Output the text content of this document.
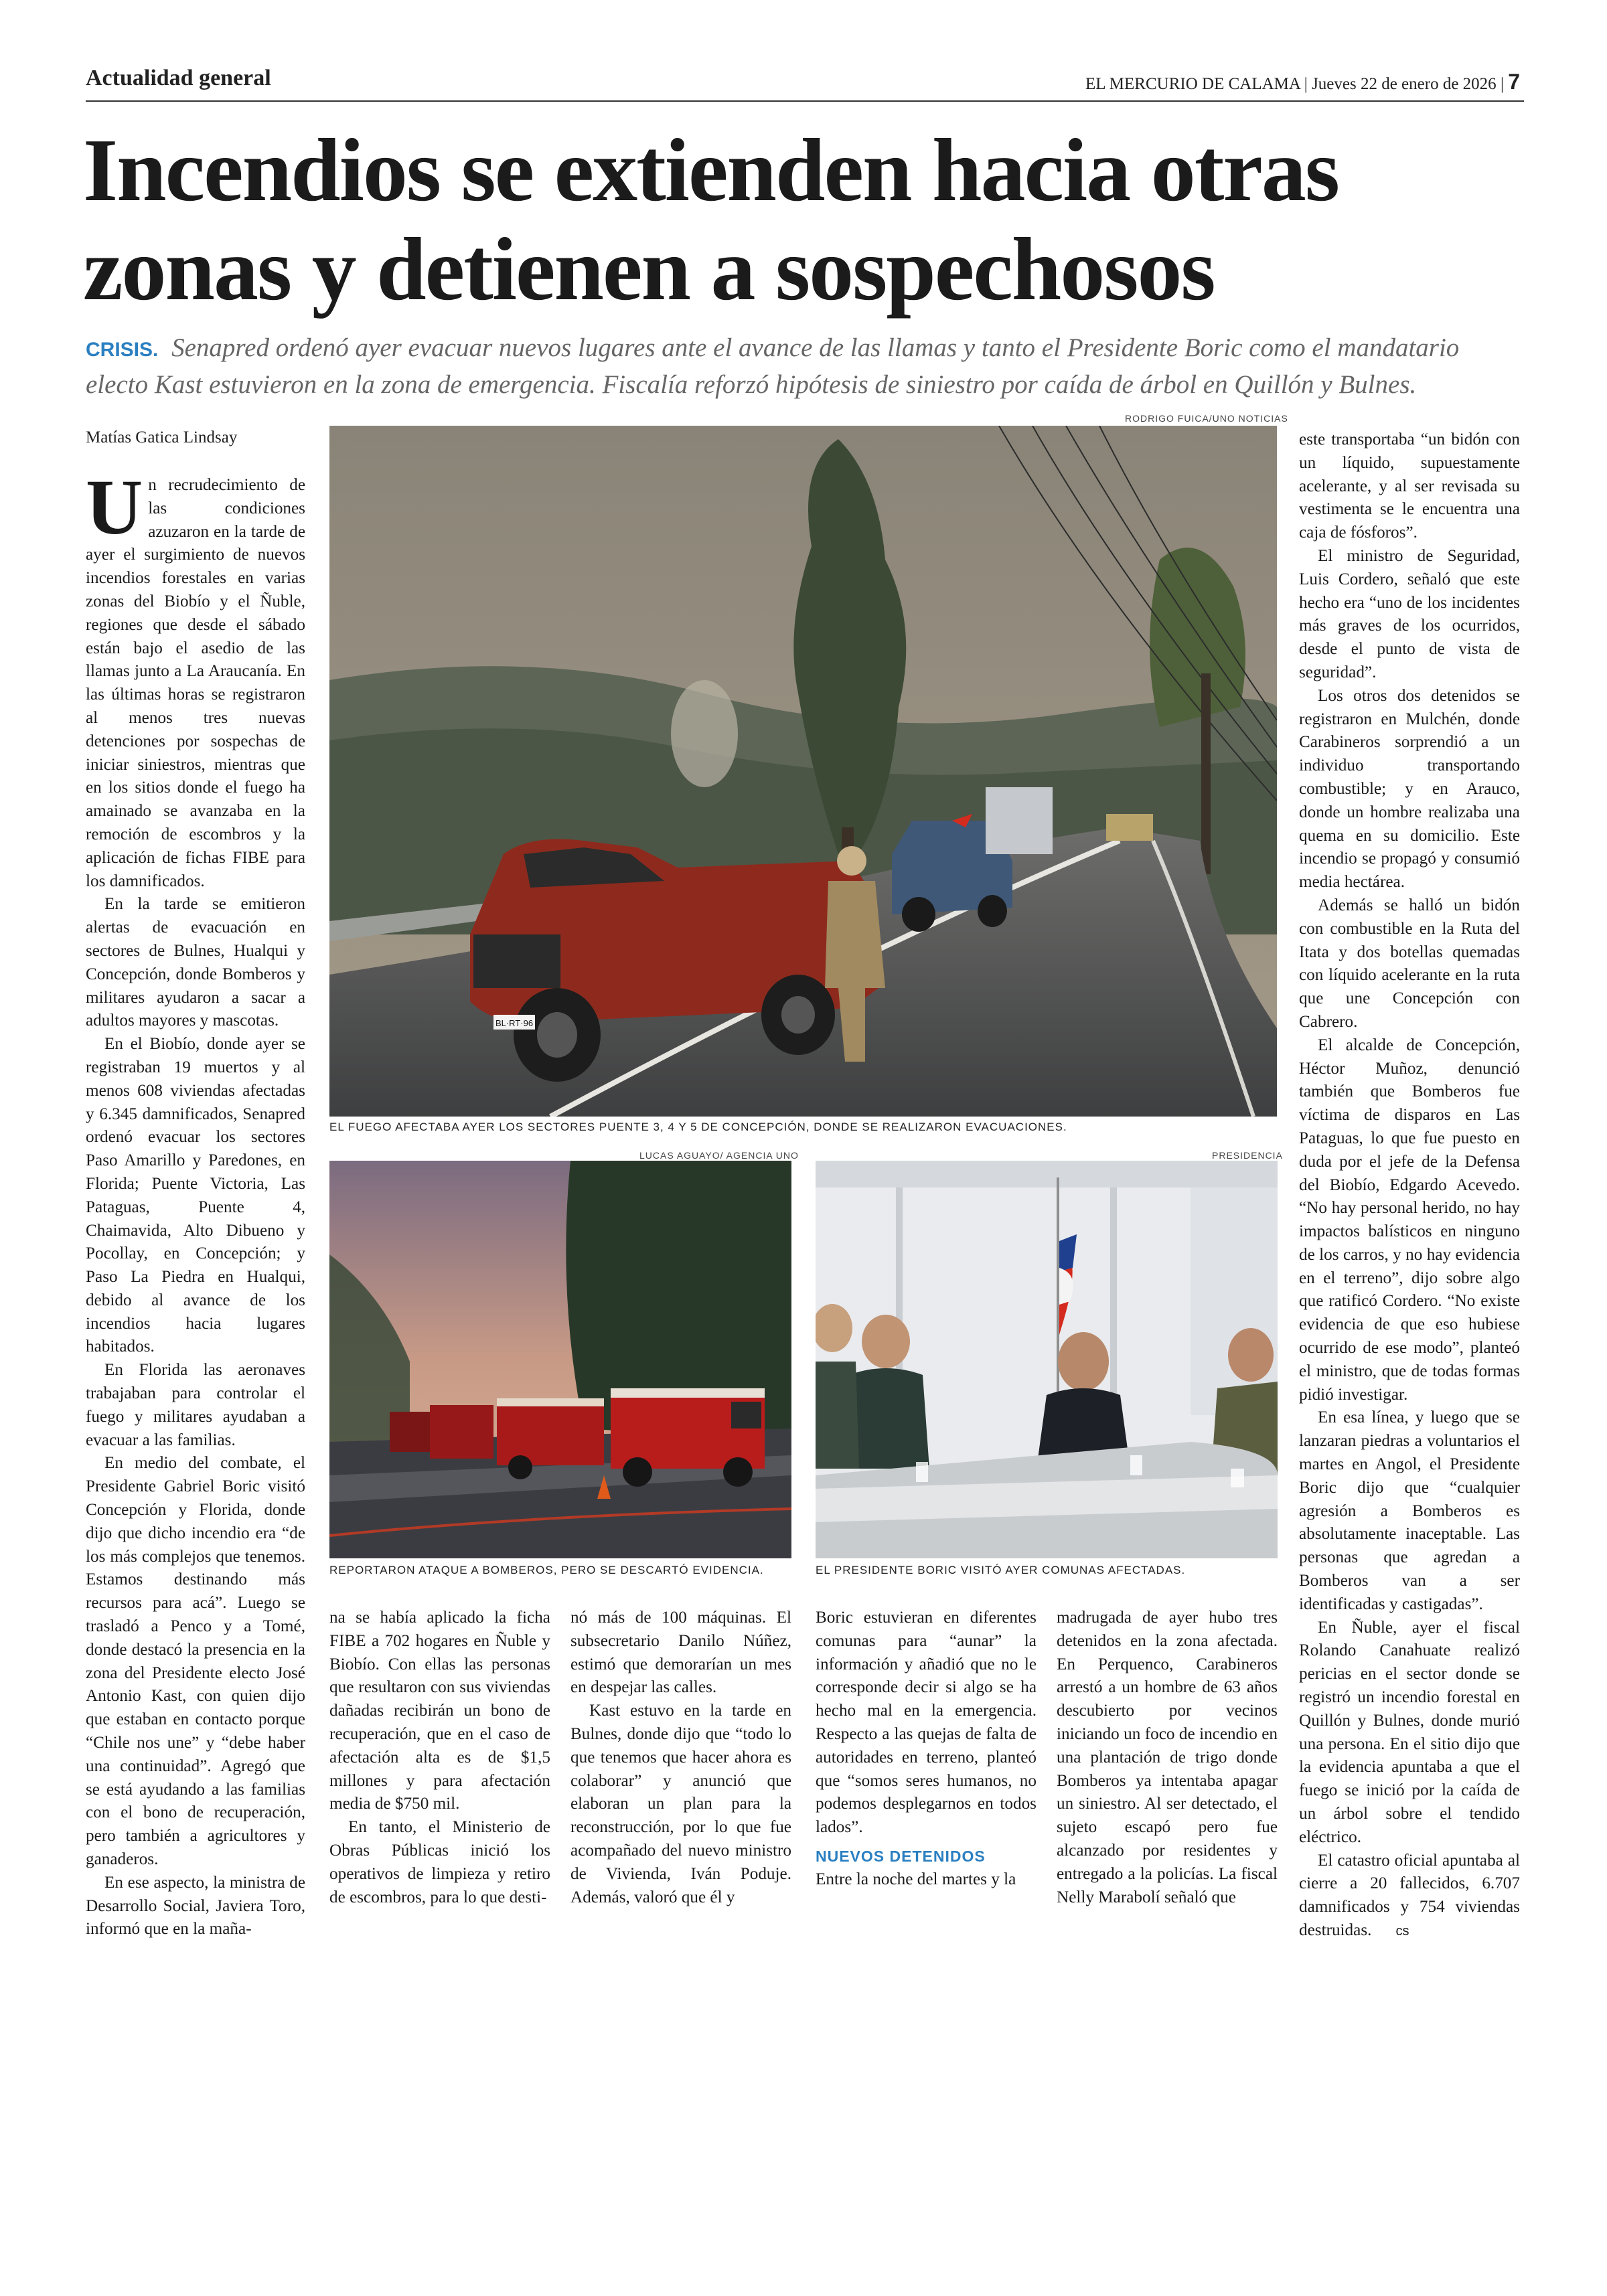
Actualidad general	EL MERCURIO DE CALAMA | Jueves 22 de enero de 2026 | 7
Incendios se extienden hacia otras
zonas y detienen a sospechosos
CRISIS. Senapred ordenó ayer evacuar nuevos lugares ante el avance de las llamas y tanto el Presidente Boric como el mandatario electo Kast estuvieron en la zona de emergencia. Fiscalía reforzó hipótesis de siniestro por caída de árbol en Quillón y Bulnes.
Matías Gatica Lindsay
RODRIGO FUICA/UNO NOTICIAS
BL·RT·96
EL FUEGO AFECTABA AYER LOS SECTORES PUENTE 3, 4 Y 5 DE CONCEPCIÓN, DONDE SE REALIZARON EVACUACIONES.
LUCAS AGUAYO/ AGENCIA UNO
REPORTARON ATAQUE A BOMBEROS, PERO SE DESCARTÓ EVIDENCIA.
PRESIDENCIA
EL PRESIDENTE BORIC VISITÓ AYER COMUNAS AFECTADAS.

Un recrudecimiento de las condiciones azuzaron en la tarde de ayer el surgimiento de nuevos incendios forestales en varias zonas del Biobío y el Ñuble, regiones que desde el sábado están bajo el asedio de las llamas junto a La Araucanía. En las últimas horas se registraron al menos tres nuevas detenciones por sospechas de iniciar siniestros, mientras que en los sitios donde el fuego ha amainado se avanzaba en la remoción de escombros y la aplicación de fichas FIBE para los damnificados.

En la tarde se emitieron alertas de evacuación en sectores de Bulnes, Hualqui y Concepción, donde Bomberos y militares ayudaron a sacar a adultos mayores y mascotas.

En el Biobío, donde ayer se registraban 19 muertos y al menos 608 viviendas afectadas y 6.345 damnificados, Senapred ordenó evacuar los sectores Paso Amarillo y Paredones, en Florida; Puente Victoria, Las Pataguas, Puente 4, Chaimavida, Alto Dibueno y Pocollay, en Concepción; y Paso La Piedra en Hualqui, debido al avance de los incendios hacia lugares habitados.

En Florida las aeronaves trabajaban para controlar el fuego y militares ayudaban a evacuar a las familias.

En medio del combate, el Presidente Gabriel Boric visitó Concepción y Florida, donde dijo que dicho incendio era “de los más complejos que tenemos. Estamos destinando más recursos para acá”. Luego se trasladó a Penco y a Tomé, donde destacó la presencia en la zona del Presidente electo José Antonio Kast, con quien dijo que estaban en contacto porque “Chile nos une” y “debe haber una continuidad”. Agregó que se está ayudando a las familias con el bono de recuperación, pero también a agricultores y ganaderos.

En ese aspecto, la ministra de Desarrollo Social, Javiera Toro, informó que en la maña-

na se había aplicado la ficha FIBE a 702 hogares en Ñuble y Biobío. Con ellas las personas que resultaron con sus viviendas dañadas recibirán un bono de recuperación, que en el caso de afectación alta es de $1,5 millones y para afectación media de $750 mil.

En tanto, el Ministerio de Obras Públicas inició los operativos de limpieza y retiro de escombros, para lo que desti-

nó más de 100 máquinas. El subsecretario Danilo Núñez, estimó que demorarían un mes en despejar las calles.

Kast estuvo en la tarde en Bulnes, donde dijo que “todo lo que tenemos que hacer ahora es colaborar” y anunció que elaboran un plan para la reconstrucción, por lo que fue acompañado del nuevo ministro de Vivienda, Iván Poduje. Además, valoró que él y

Boric estuvieran en diferentes comunas para “aunar” la información y añadió que no le corresponde decir si algo se ha hecho mal en la emergencia. Respecto a las quejas de falta de autoridades en terreno, planteó que “somos seres humanos, no podemos desplegarnos en todos lados”.

NUEVOS DETENIDOS

Entre la noche del martes y la

madrugada de ayer hubo tres detenidos en la zona afectada. En Perquenco, Carabineros arrestó a un hombre de 63 años descubierto por vecinos iniciando un foco de incendio en una plantación de trigo donde Bomberos ya intentaba apagar un siniestro. Al ser detectado, el sujeto escapó pero fue alcanzado por residentes y entregado a la policías. La fiscal Nelly Marabolí señaló que

este transportaba “un bidón con un líquido, supuestamente acelerante, y al ser revisada su vestimenta se le encuentra una caja de fósforos”.

El ministro de Seguridad, Luis Cordero, señaló que este hecho era “uno de los incidentes más graves de los ocurridos, desde el punto de vista de seguridad”.

Los otros dos detenidos se registraron en Mulchén, donde Carabineros sorprendió a un individuo transportando combustible; y en Arauco, donde un hombre realizaba una quema en su domicilio. Este incendio se propagó y consumió media hectárea.

Además se halló un bidón con combustible en la Ruta del Itata y dos botellas quemadas con líquido acelerante en la ruta que une Concepción con Cabrero.

El alcalde de Concepción, Héctor Muñoz, denunció también que Bomberos fue víctima de disparos en Las Pataguas, lo que fue puesto en duda por el jefe de la Defensa del Biobío, Edgardo Acevedo. “No hay personal herido, no hay impactos balísticos en ninguno de los carros, y no hay evidencia en el terreno”, dijo sobre algo que ratificó Cordero. “No existe evidencia de que eso hubiese ocurrido de ese modo”, planteó el ministro, que de todas formas pidió investigar.

En esa línea, y luego que se lanzaran piedras a voluntarios el martes en Angol, el Presidente Boric dijo que “cualquier agresión a Bomberos es absolutamente inaceptable. Las personas que agredan a Bomberos van a ser identificadas y castigadas”.

En Ñuble, ayer el fiscal Rolando Canahuate realizó pericias en el sector donde se registró un incendio forestal en Quillón y Bulnes, donde murió una persona. En el sitio dijo que la evidencia apuntaba a que el fuego se inició por la caída de un árbol sobre el tendido eléctrico.

El catastro oficial apuntaba al cierre a 20 fallecidos, 6.707 damnificados y 754 viviendas destruidas. cs
